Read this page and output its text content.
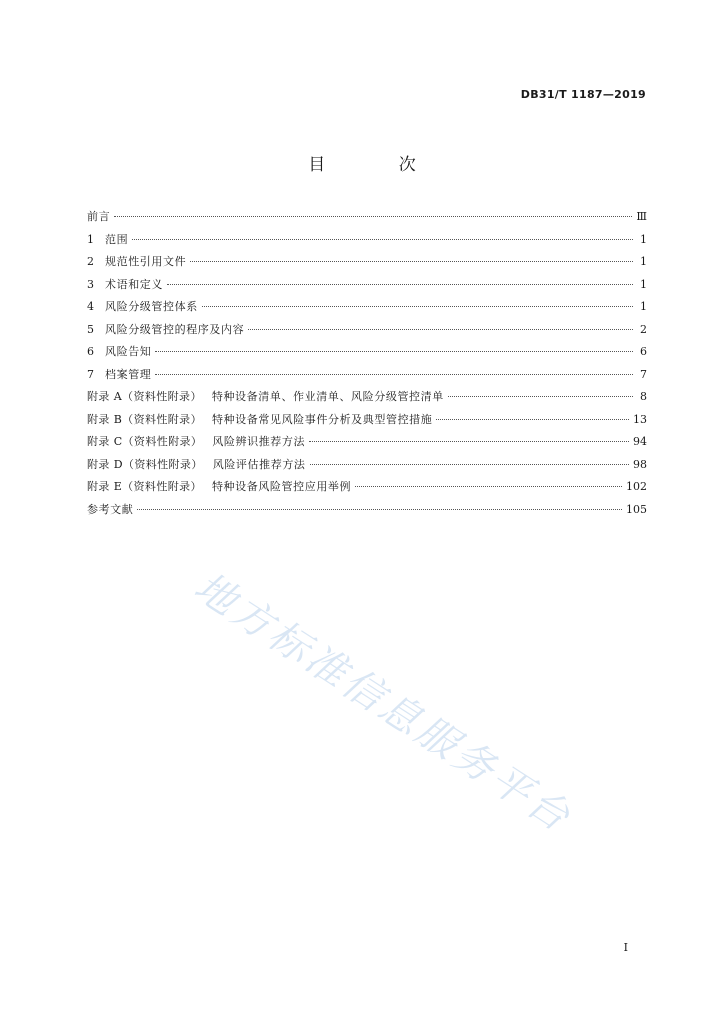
DB31/T 1187—2019
目 次
前言	Ⅲ
1	范围	1
2	规范性引用文件	1
3	术语和定义	1
4	风险分级管控体系	1
5	风险分级管控的程序及内容	2
6	风险告知	6
7	档案管理	7
附录 A（资料性附录） 特种设备清单、作业清单、风险分级管控清单	8
附录 B（资料性附录） 特种设备常见风险事件分析及典型管控措施	13
附录 C（资料性附录） 风险辨识推荐方法	94
附录 D（资料性附录） 风险评估推荐方法	98
附录 E（资料性附录） 特种设备风险管控应用举例	102
参考文献	105
地方标准信息服务平台
I
